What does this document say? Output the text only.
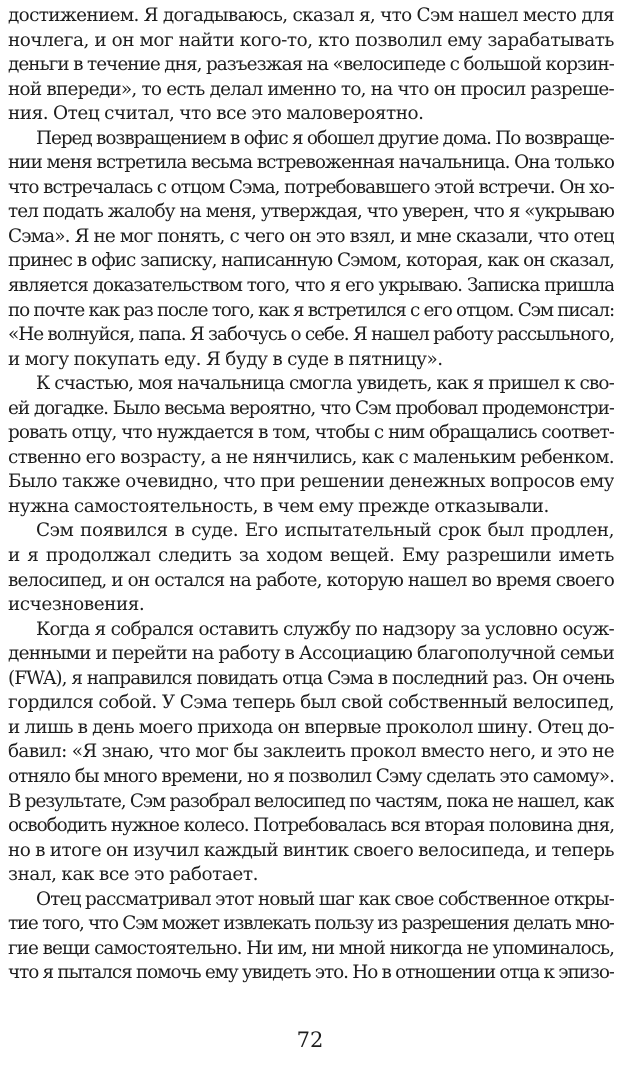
достижением. Я догадываюсь, сказал я, что Сэм нашел место для
ночлега, и он мог найти кого-то, кто позволил ему зарабатывать
деньги в течение дня, разъезжая на «велосипеде с большой корзин-
ной впереди», то есть делал именно то, на что он просил разреше-
ния. Отец считал, что все это маловероятно.
Перед возвращением в офис я обошел другие дома. По возвраще-
нии меня встретила весьма встревоженная начальница. Она только
что встречалась с отцом Сэма, потребовавшего этой встречи. Он хо-
тел подать жалобу на меня, утверждая, что уверен, что я «укрываю
Сэма». Я не мог понять, с чего он это взял, и мне сказали, что отец
принес в офис записку, написанную Сэмом, которая, как он сказал,
является доказательством того, что я его укрываю. Записка пришла
по почте как раз после того, как я встретился с его отцом. Сэм писал:
«Не волнуйся, папа. Я забочусь о себе. Я нашел работу рассыльного,
и могу покупать еду. Я буду в суде в пятницу».
К счастью, моя начальница смогла увидеть, как я пришел к сво-
ей догадке. Было весьма вероятно, что Сэм пробовал продемонстри-
ровать отцу, что нуждается в том, чтобы с ним обращались соответ-
ственно его возрасту, а не нянчились, как с маленьким ребенком.
Было также очевидно, что при решении денежных вопросов ему
нужна самостоятельность, в чем ему прежде отказывали.
Сэм появился в суде. Его испытательный срок был продлен,
и я продолжал следить за ходом вещей. Ему разрешили иметь
велосипед, и он остался на работе, которую нашел во время своего
исчезновения.
Когда я собрался оставить службу по надзору за условно осуж-
денными и перейти на работу в Ассоциацию благополучной семьи
(FWA), я направился повидать отца Сэма в последний раз. Он очень
гордился собой. У Сэма теперь был свой собственный велосипед,
и лишь в день моего прихода он впервые проколол шину. Отец до-
бавил: «Я знаю, что мог бы заклеить прокол вместо него, и это не
отняло бы много времени, но я позволил Сэму сделать это самому».
В результате, Сэм разобрал велосипед по частям, пока не нашел, как
освободить нужное колесо. Потребовалась вся вторая половина дня,
но в итоге он изучил каждый винтик своего велосипеда, и теперь
знал, как все это работает.
Отец рассматривал этот новый шаг как свое собственное откры-
тие того, что Сэм может извлекать пользу из разрешения делать мно-
гие вещи самостоятельно. Ни им, ни мной никогда не упоминалось,
что я пытался помочь ему увидеть это. Но в отношении отца к эпизо-
72
